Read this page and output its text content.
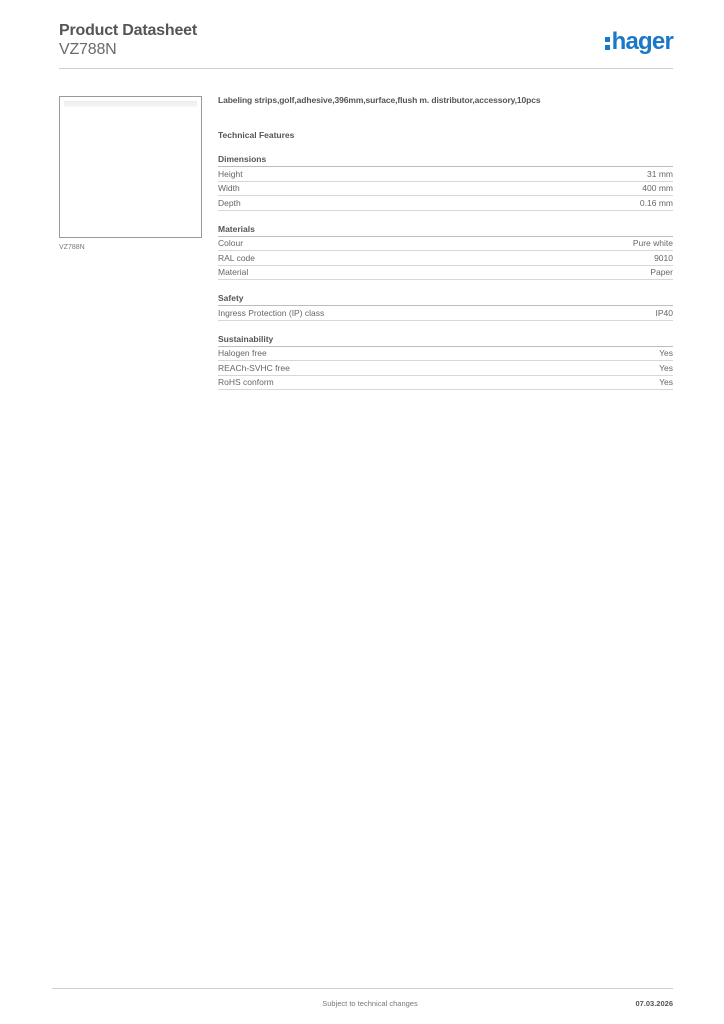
Product Datasheet
VZ788N	hager
VZ788N
Labeling strips,golf,adhesive,396mm,surface,flush m. distributor,accessory,10pcs
Technical Features
Dimensions
Height	31 mm
Width	400 mm
Depth	0.16 mm
Materials
Colour	Pure white
RAL code	9010
Material	Paper
Safety
Ingress Protection (IP) class	IP40
Sustainability
Halogen free	Yes
REACh-SVHC free	Yes
RoHS conform	Yes
Subject to technical changes	07.03.2026
